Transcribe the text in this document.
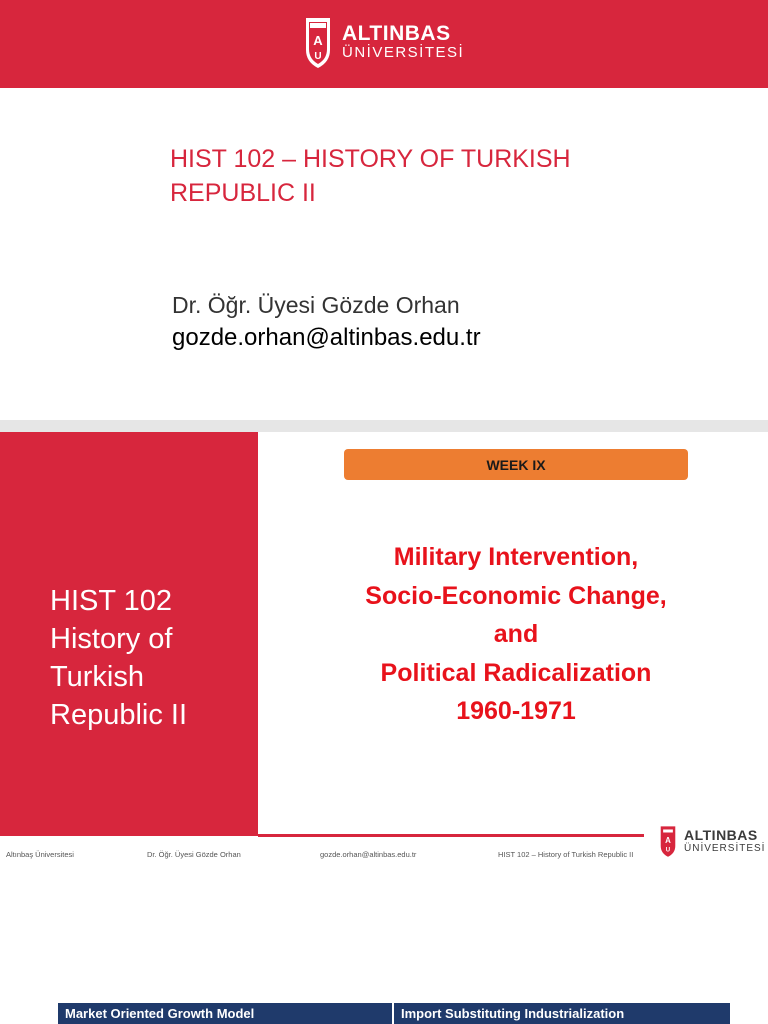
A
U
ALTINBAS
ÜNİVERSİTESİ
HIST 102 – HISTORY OF TURKISH REPUBLIC II
Dr. Öğr. Üyesi Gözde Orhan
gozde.orhan@altinbas.edu.tr
HIST 102
History of
Turkish
Republic II
WEEK IX
Military Intervention,
Socio-Economic Change,
and
Political Radicalization
1960-1971
A
U
ALTINBAS
ÜNİVERSİTESİ
Altınbaş Üniversitesi	Dr. Öğr. Üyesi Gözde Orhan	gozde.orhan@altinbas.edu.tr	HIST 102 – History of Turkish Republic II
Market Oriented Growth Model	Import Substituting Industrialization
